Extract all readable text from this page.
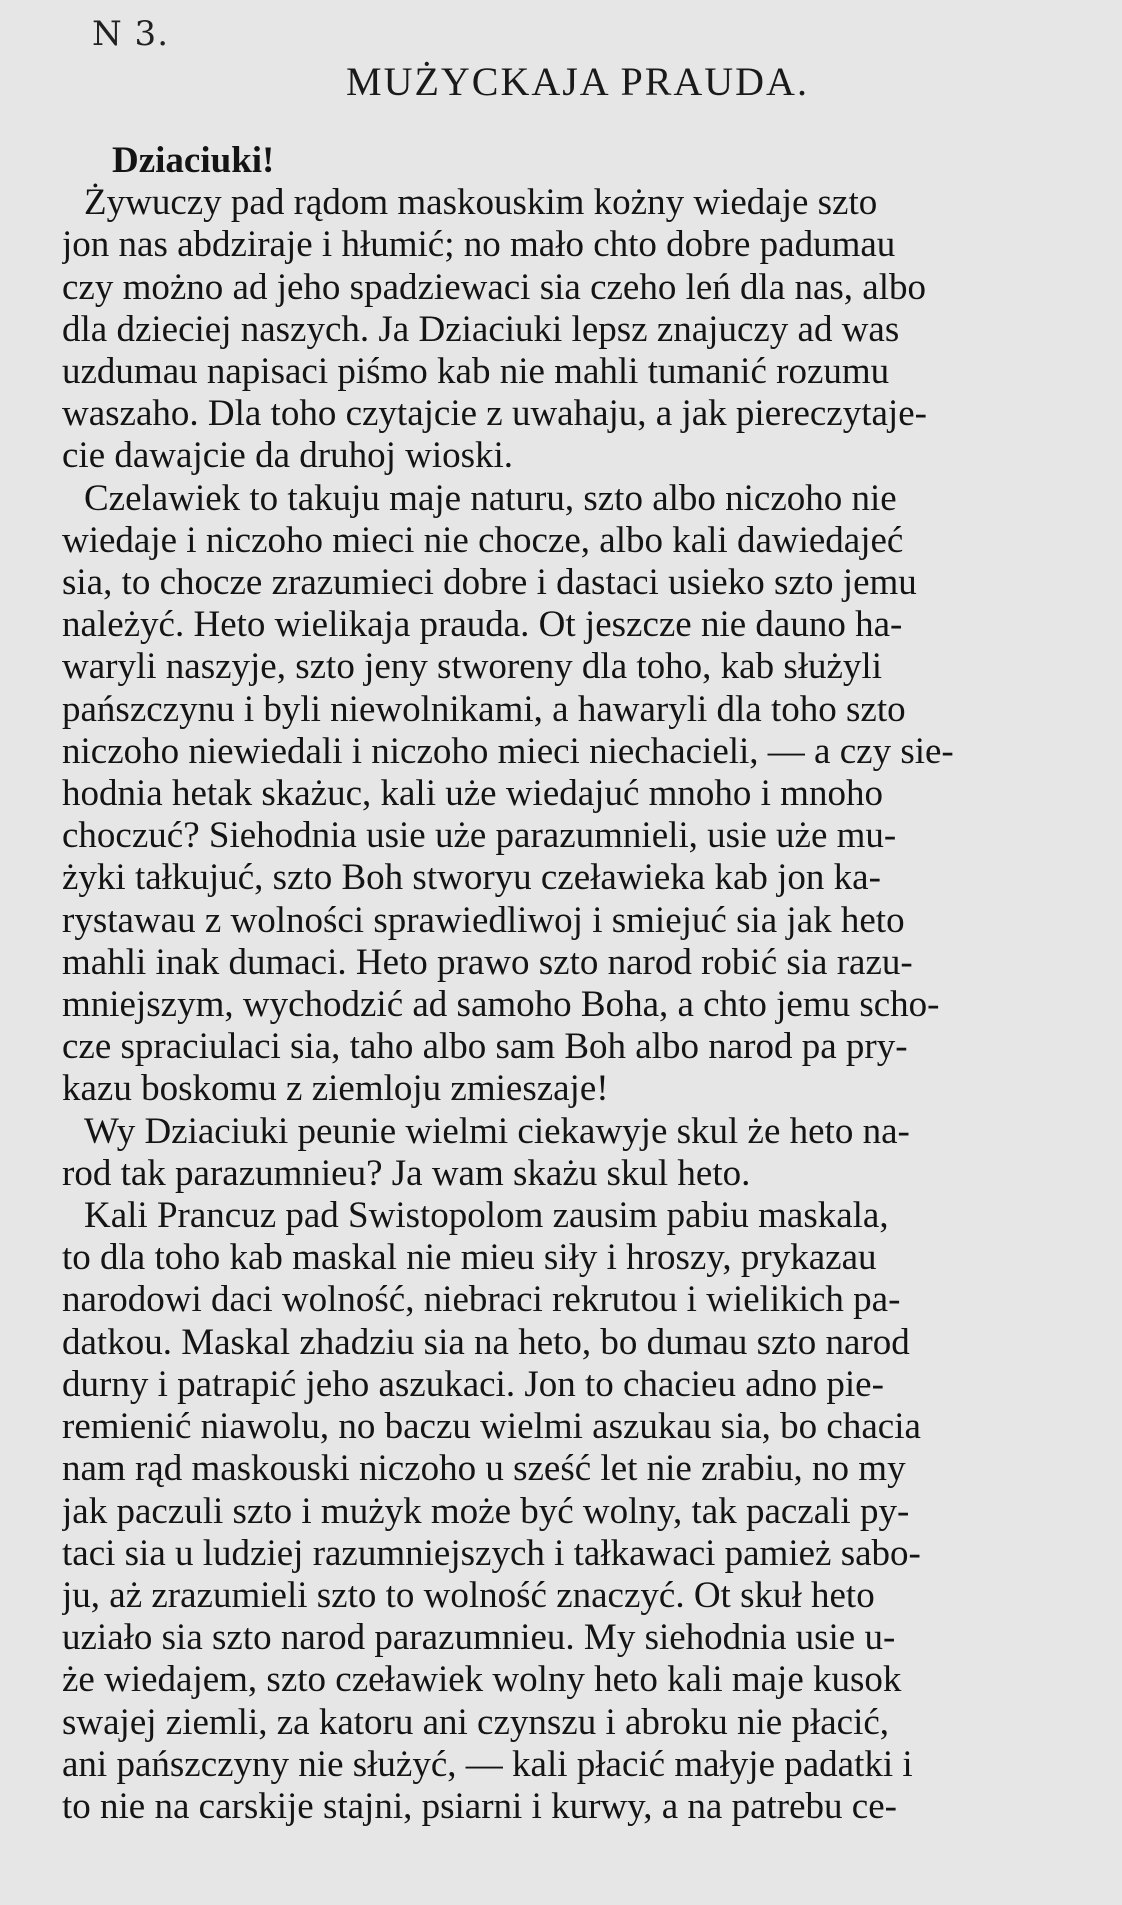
N 3.
MUŻYCKAJA PRAUDA.
Dziaciuki!
Żywuczy pad rądom maskouskim kożny wiedaje szto
jon nas abdziraje i hłumić; no mało chto dobre padumau
czy możno ad jeho spadziewaci sia czeho leń dla nas, albo
dla dzieciej naszych. Ja Dziaciuki lepsz znajuczy ad was
uzdumau napisaci piśmo kab nie mahli tumanić rozumu
waszaho. Dla toho czytajcie z uwahaju, a jak pierеczytaje-
cie dawajcie da druhoj wioski.
Czelawiek to takuju maje naturu, szto albo niczoho nie
wiedaje i niczoho mieci nie chocze, albo kali dawiedajeć
sia, to chocze zrazumieci dobre i dastaci usieko szto jemu
należyć. Heto wielikaja prauda. Ot jeszcze nie dauno ha-
waryli naszyje, szto jeny stworeny dla toho, kab służyli
pańszczynu i byli niewolnikami, a hawaryli dla toho szto
niczoho niewiedali i niczoho mieci niechacieli, — a czy sie-
hodnia hetak skażuc, kali uże wiedajuć mnoho i mnoho
choczuć? Siehodnia usie uże parazumnieli, usie uże mu-
żyki tałkujuć, szto Boh stworyu czeławieka kab jon ka-
rystawau z wolności sprawiedliwoj i smiejuć sia jak heto
mahli inak dumaci. Heto prawo szto narod robić sia razu-
mniejszym, wychodzić ad samoho Boha, a chto jemu scho-
cze spraciulaci sia, taho albo sam Boh albo narod pa pry-
kazu boskomu z ziemloju zmieszaje!
Wy Dziaciuki peunie wielmi ciekawyje skul że heto na-
rod tak parazumnieu? Ja wam skażu skul heto.
Kali Prancuz pad Swistopolom zausim pabiu maskala,
to dla toho kab maskal nie mieu siły i hroszy, prykazau
narodowi daci wolność, niebraci rekrutou i wielikich pa-
datkou. Maskal zhadziu sia na heto, bo dumau szto narod
durny i patrapić jeho aszukaci. Jon to chacieu adno pie-
remienić niawolu, no baczu wielmi aszukau sia, bo chacia
nam rąd maskouski niczoho u sześć let nie zrabiu, no my
jak paczuli szto i mużyk może być wolny, tak paczali py-
taci sia u ludziej razumniejszych i tałkawaci pamież sabo-
ju, aż zrazumieli szto to wolność znaczyć. Ot skuł heto
uziało sia szto narod parazumnieu. My siehodnia usie u-
że wiedajem, szto czeławiek wolny heto kali maje kusok
swajej ziemli, za katoru ani czynszu i abroku nie płacić,
ani pańszczyny nie służyć, — kali płacić małyje padatki i
to nie na carskije stajni, psiarni i kurwy, a na patrebu ce-
